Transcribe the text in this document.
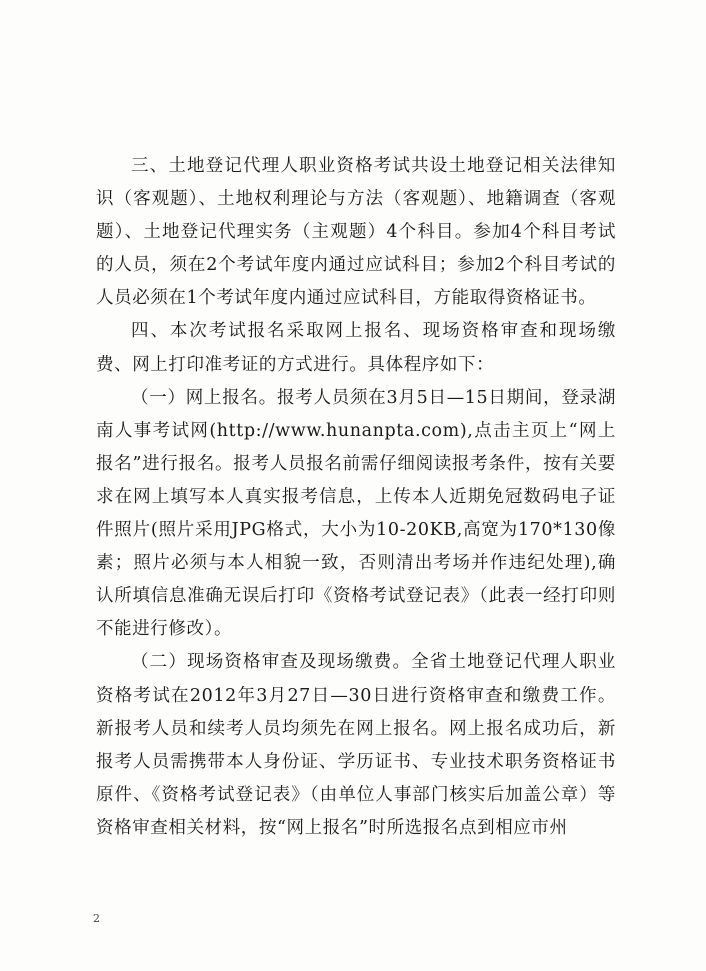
三、土地登记代理人职业资格考试共设土地登记相关法律知识（客观题）、土地权利理论与方法（客观题）、地籍调查（客观题）、土地登记代理实务（主观题）4个科目。参加4个科目考试的人员，须在2个考试年度内通过应试科目；参加2个科目考试的人员必须在1个考试年度内通过应试科目，方能取得资格证书。

四、本次考试报名采取网上报名、现场资格审查和现场缴费、网上打印准考证的方式进行。具体程序如下：

（一）网上报名。报考人员须在3月5日—15日期间，登录湖南人事考试网(http://www.hunanpta.com),点击主页上“网上报名”进行报名。报考人员报名前需仔细阅读报考条件，按有关要求在网上填写本人真实报考信息，上传本人近期免冠数码电子证件照片(照片采用JPG格式，大小为10-20KB,高宽为170*130像素；照片必须与本人相貌一致，否则清出考场并作违纪处理),确认所填信息准确无误后打印《资格考试登记表》（此表一经打印则不能进行修改）。

（二）现场资格审查及现场缴费。全省土地登记代理人职业资格考试在2012年3月27日—30日进行资格审查和缴费工作。新报考人员和续考人员均须先在网上报名。网上报名成功后，新报考人员需携带本人身份证、学历证书、专业技术职务资格证书原件、《资格考试登记表》（由单位人事部门核实后加盖公章）等资格审查相关材料，按“网上报名”时所选报名点到相应市州

2
